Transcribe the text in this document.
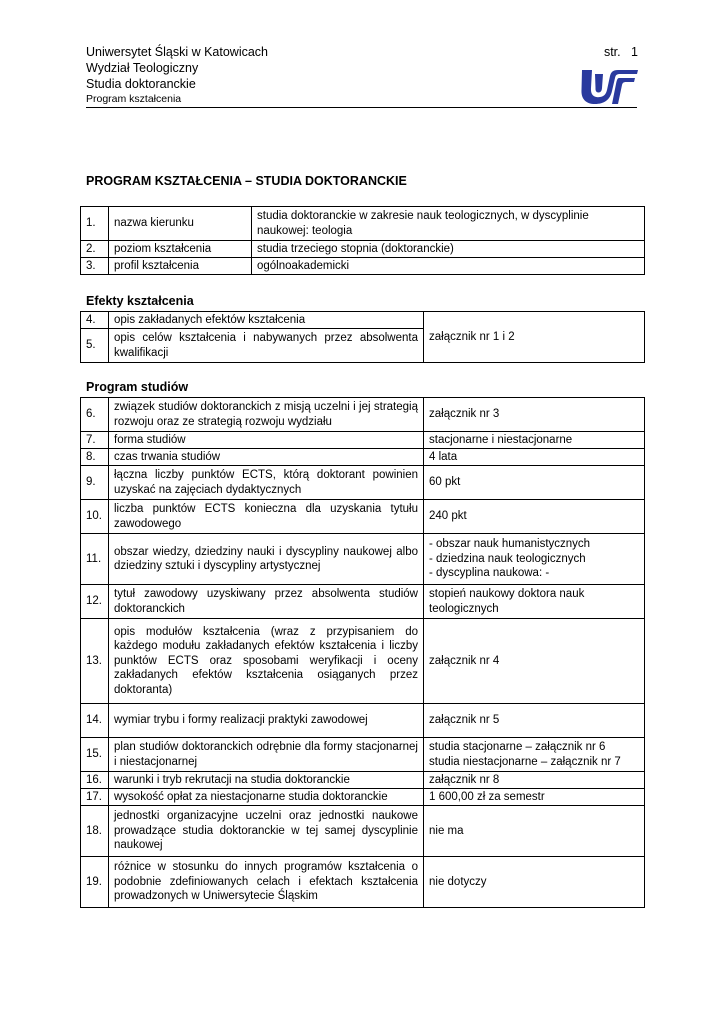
Uniwersytet Śląski w Katowicach
Wydział Teologiczny
Studia doktoranckie
Program kształcenia
str.   1
PROGRAM KSZTAŁCENIA – STUDIA DOKTORANCKIE
1.	nazwa kierunku	studia doktoranckie w zakresie nauk teologicznych, w dyscyplinie naukowej: teologia
2.	poziom kształcenia	studia trzeciego stopnia (doktoranckie)
3.	profil kształcenia	ogólnoakademicki
Efekty kształcenia
4.	opis zakładanych efektów kształcenia	załącznik nr 1 i 2
5.	opis celów kształcenia i nabywanych przez absolwenta kwalifikacji	
Program studiów
6.	związek studiów doktoranckich z misją uczelni i jej strategią rozwoju oraz ze strategią rozwoju wydziału	załącznik nr 3

7.	forma studiów	stacjonarne i niestacjonarne

8.	czas trwania studiów	4 lata

9.	łączna liczby punktów ECTS, którą doktorant powinien uzyskać na zajęciach dydaktycznych	60 pkt

10.	liczba punktów ECTS konieczna dla uzyskania tytułu zawodowego	240 pkt

11.	obszar wiedzy, dziedziny nauki i dyscypliny naukowej albo dziedziny sztuki i dyscypliny artystycznej	- obszar nauk humanistycznych
- dziedzina nauk teologicznych
- dyscyplina naukowa: -

12.	tytuł zawodowy uzyskiwany przez absolwenta studiów doktoranckich	stopień naukowy doktora nauk teologicznych

13.	opis modułów kształcenia (wraz z przypisaniem do każdego modułu zakładanych efektów kształcenia i liczby punktów ECTS oraz sposobami weryfikacji i oceny zakładanych efektów kształcenia osiąganych przez doktoranta)	załącznik nr 4

14.	wymiar trybu i formy realizacji praktyki zawodowej	załącznik nr 5

15.	plan studiów doktoranckich odrębnie dla formy stacjonarnej i niestacjonarnej	studia stacjonarne – załącznik nr 6
studia niestacjonarne – załącznik nr 7

16.	warunki i tryb rekrutacji na studia doktoranckie	załącznik nr 8

17.	wysokość opłat za niestacjonarne studia doktoranckie	1 600,00 zł za semestr

18.	jednostki organizacyjne uczelni oraz jednostki naukowe prowadzące studia doktoranckie w tej samej dyscyplinie naukowej	nie ma

19.	różnice w stosunku do innych programów kształcenia o podobnie zdefiniowanych celach i efektach kształcenia prowadzonych w Uniwersytecie Śląskim	nie dotyczy
